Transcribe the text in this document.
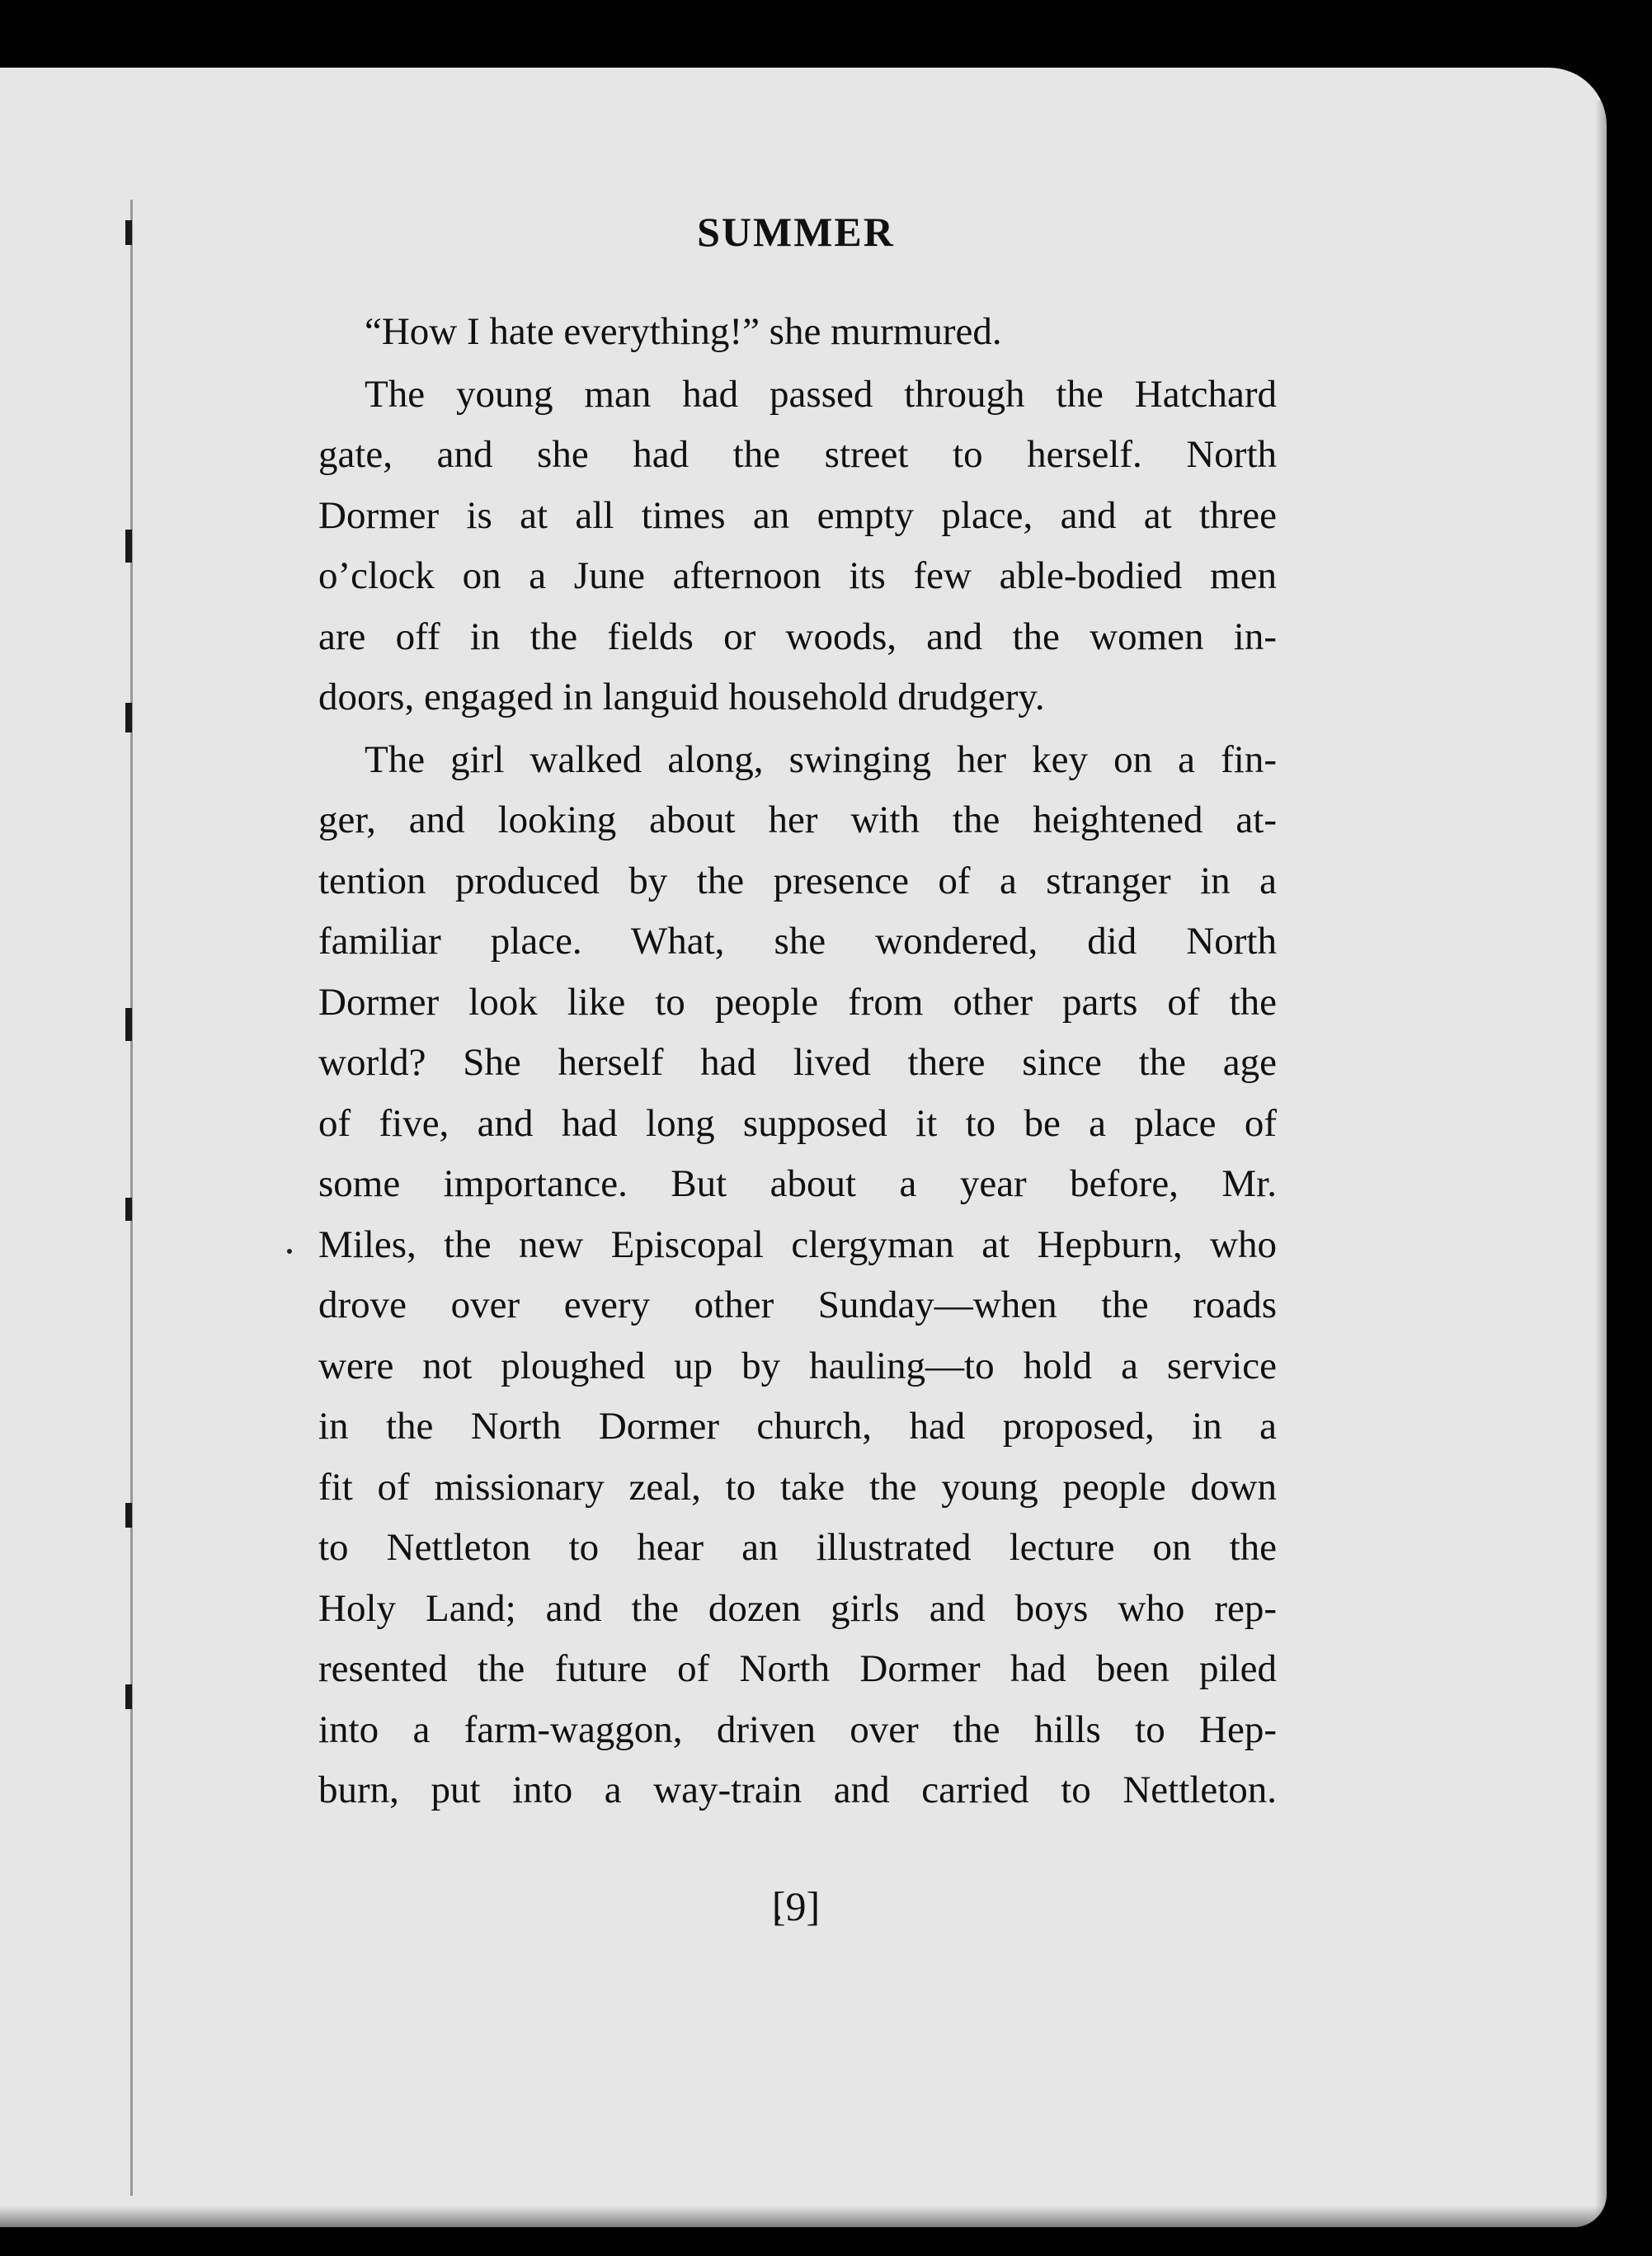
SUMMER
“How I hate everything!” she murmured.
The young man had passed through the Hatchard
gate, and she had the street to herself. North
Dormer is at all times an empty place, and at three
o’clock on a June afternoon its few able-bodied men
are off in the fields or woods, and the women in-
doors, engaged in languid household drudgery.
The girl walked along, swinging her key on a fin-
ger, and looking about her with the heightened at-
tention produced by the presence of a stranger in a
familiar place. What, she wondered, did North
Dormer look like to people from other parts of the
world? She herself had lived there since the age
of five, and had long supposed it to be a place of
some importance. But about a year before, Mr.
Miles, the new Episcopal clergyman at Hepburn, who
drove over every other Sunday—when the roads
were not ploughed up by hauling—to hold a service
in the North Dormer church, had proposed, in a
fit of missionary zeal, to take the young people down
to Nettleton to hear an illustrated lecture on the
Holy Land; and the dozen girls and boys who rep-
resented the future of North Dormer had been piled
into a farm-waggon, driven over the hills to Hep-
burn, put into a way-train and carried to Nettleton.
[9]
